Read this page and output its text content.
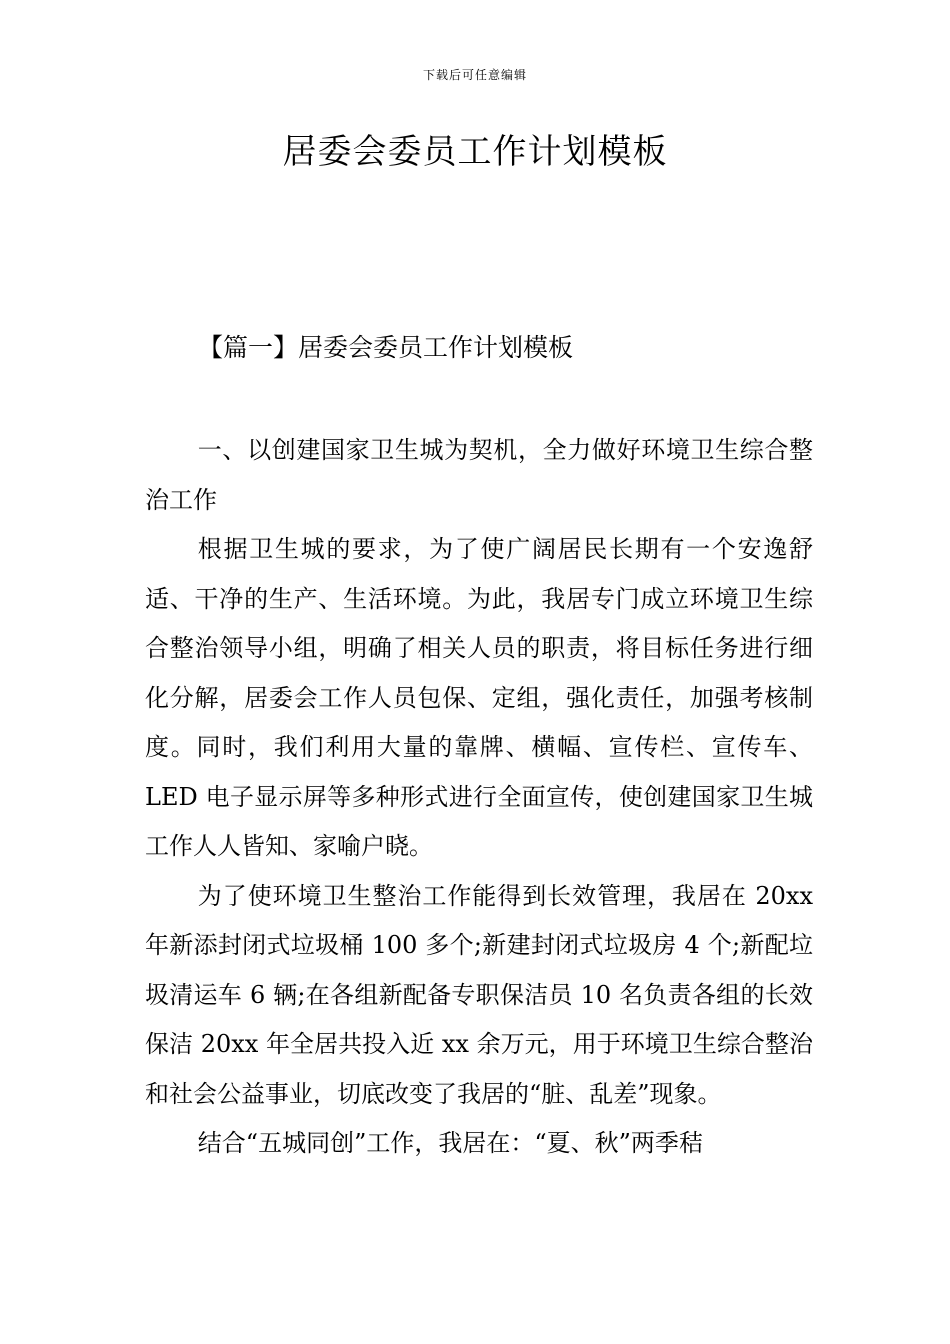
下载后可任意编辑
居委会委员工作计划模板
【篇一】居委会委员工作计划模板

一、以创建国家卫生城为契机，全力做好环境卫生综合整治工作

根据卫生城的要求，为了使广阔居民长期有一个安逸舒适、干净的生产、生活环境。为此，我居专门成立环境卫生综合整治领导小组，明确了相关人员的职责，将目标任务进行细化分解，居委会工作人员包保、定组，强化责任，加强考核制度。同时，我们利用大量的靠牌、横幅、宣传栏、宣传车、LED 电子显示屏等多种形式进行全面宣传，使创建国家卫生城工作人人皆知、家喻户晓。

为了使环境卫生整治工作能得到长效管理，我居在 20xx 年新添封闭式垃圾桶 100 多个;新建封闭式垃圾房 4 个;新配垃圾清运车 6 辆;在各组新配备专职保洁员 10 名负责各组的长效保洁 20xx 年全居共投入近 xx 余万元，用于环境卫生综合整治和社会公益事业，切底改变了我居的“脏、乱差”现象。

结合“五城同创”工作，我居在：“夏、秋”两季秸
